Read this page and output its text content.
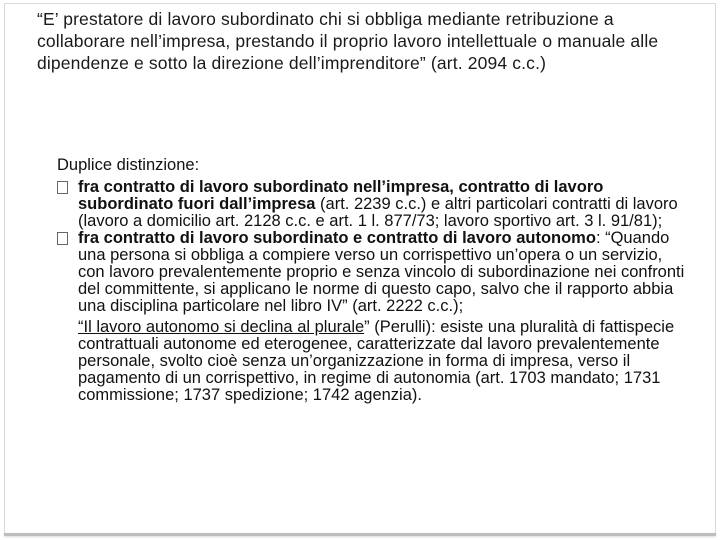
“E’ prestatore di lavoro subordinato chi si obbliga mediante retribuzione a collaborare nell’impresa, prestando il proprio lavoro intellettuale o manuale alle dipendenze e sotto la direzione dell’imprenditore” (art. 2094 c.c.)

Duplice distinzione:

fra contratto di lavoro subordinato nell’impresa, contratto di lavoro subordinato fuori dall’impresa (art. 2239 c.c.) e altri particolari contratti di lavoro (lavoro a domicilio art. 2128 c.c. e art. 1 l. 877/73; lavoro sportivo art. 3 l. 91/81);

fra contratto di lavoro subordinato e contratto di lavoro autonomo: “Quando una persona si obbliga a compiere verso un corrispettivo un’opera o un servizio, con lavoro prevalentemente proprio e senza vincolo di subordinazione nei confronti del committente, si applicano le norme di questo capo, salvo che il rapporto abbia una disciplina particolare nel libro IV” (art. 2222 c.c.);

“Il lavoro autonomo si declina al plurale” (Perulli): esiste una pluralità di fattispecie contrattuali autonome ed eterogenee, caratterizzate dal lavoro prevalentemente personale, svolto cioè senza un’organizzazione in forma di impresa, verso il pagamento di un corrispettivo, in regime di autonomia (art. 1703 mandato; 1731 commissione; 1737 spedizione; 1742 agenzia).
